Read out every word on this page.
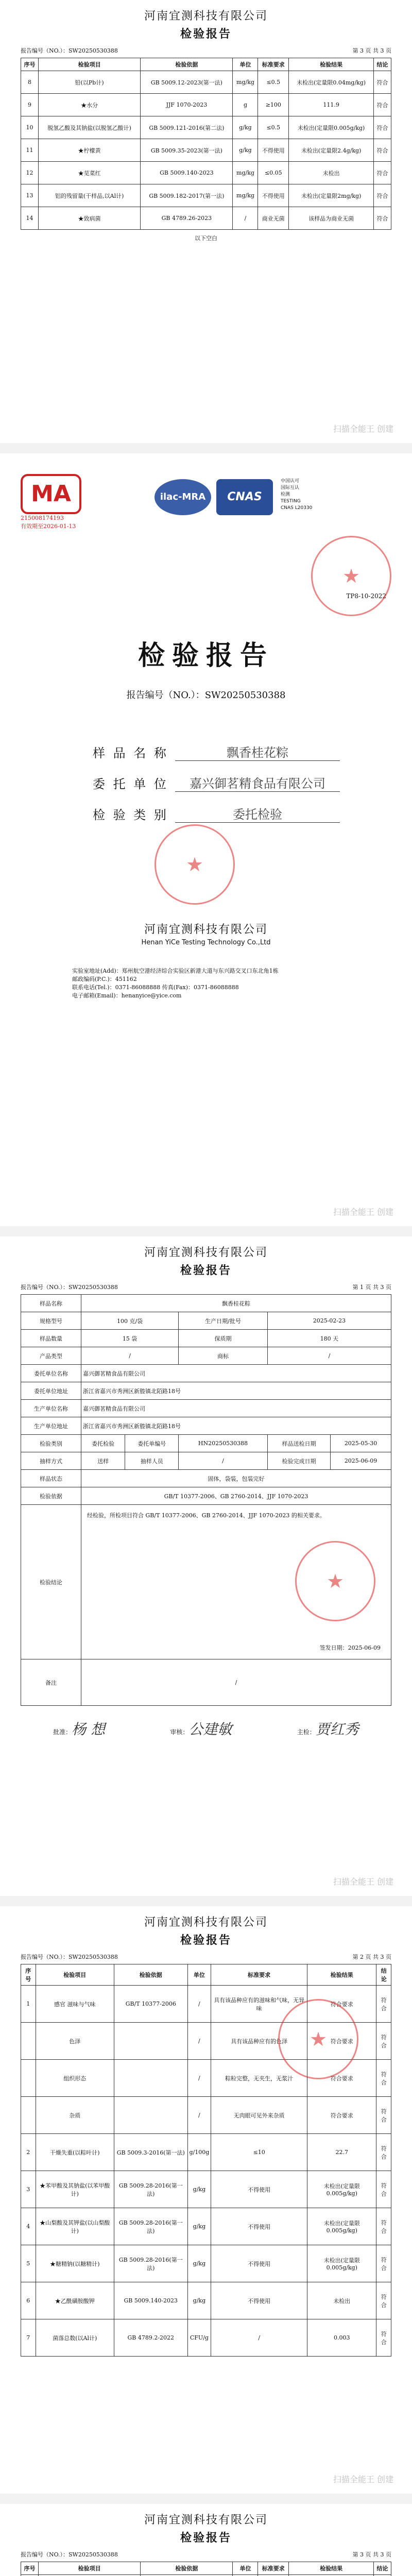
河南宜测科技有限公司
检验报告
报告编号（NO.）：SW20250530388	第 3 页 共 3 页
序号	检验项目	检验依据	单位	标准要求	检验结果	结论
8	铅(以Pb计)	GB 5009.12-2023(第一法)	mg/kg	≤0.5	未检出(定量限0.04mg/kg)	符合
9	★水分	JJF 1070-2023	g	≥100	111.9	符合
10	脱氢乙酸及其钠盐(以脱氢乙酸计)	GB 5009.121-2016(第二法)	g/kg	≤0.5	未检出(定量限0.005g/kg)	符合
11	★柠檬黄	GB 5009.35-2023(第一法)	g/kg	不得使用	未检出(定量限2.4g/kg)	符合
12	★苋菜红	GB 5009.140-2023	mg/kg	≤0.05	未检出	符合
13	铝的残留量(干样品,以Al计)	GB 5009.182-2017(第一法)	mg/kg	不得使用	未检出(定量限2mg/kg)	符合
14	★致病菌	GB 4789.26-2023	/	商业无菌	该样品为商业无菌	符合
以下空白
扫描全能王 创建
MA
215008174193
有效期至2026-01-13
ilac-MRA	CNAS
中国认可
国际互认
检测
TESTING
CNAS L20330
TP8-10-2022
★
检验报告
报告编号（NO.）：SW20250530388
样 品 名 称	飘香桂花粽
委 托 单 位	嘉兴御茗精食品有限公司
检 验 类 别	委托检验
★
河南宜测科技有限公司
Henan YiCe Testing Technology Co.,Ltd
实验室地址(Add)：郑州航空港经济综合实验区新港大道与东兴路交叉口东北角1栋
邮政编码(P.C.)：451162
联系电话(Tel.)：0371-86088888 传真(Fax)：0371-86088888
电子邮箱(Email)：henanyice@yice.com
扫描全能王 创建
河南宜测科技有限公司
检验报告
报告编号（NO.）：SW20250530388	第 1 页 共 3 页
样品名称	飘香桂花粽				
规格型号	100 克/袋		生产日期/批号	2025-02-23	
样品数量	15 袋		保质期	180 天	
产品类型	/		商标	/	
委托单位名称	嘉兴御茗精食品有限公司				
委托单位地址	浙江省嘉兴市秀洲区新塍镇北陌路18号				
生产单位名称	嘉兴御茗精食品有限公司				
生产单位地址	浙江省嘉兴市秀洲区新塍镇北陌路18号				
检验类别	委托检验	委托单编号	HN20250530388	样品送检日期	2025-05-30
抽样方式	送样	抽样人员	/	检验完成日期	2025-06-09
样品状态	固体，袋装，包装完好				
检验依据	GB/T 10377-2006、GB 2760-2014、JJF 1070-2023				
检验结论	经检验，所检项目符合 GB/T 10377-2006、GB 2760-2014、JJF 1070-2023 的相关要求。
★
签发日期：2025-06-09

备注	/				
批准：杨 想	审核：公建敏	主检：贾红秀
扫描全能王 创建
河南宜测科技有限公司
检验报告
报告编号（NO.）：SW20250530388	第 2 页 共 3 页
序号	检验项目	检验依据	单位	标准要求	检验结果	结论
1	感官 滋味与气味	GB/T 10377-2006	/	具有该品种应有的滋味和气味，无异味	符合要求	符合
	色泽		/	具有该品种应有的色泽	符合要求	符合
	组织形态		/	粽粒完整，无夹生，无浆汁	符合要求	符合
	杂质		/	无肉眼可见外来杂质	符合要求	符合
2	干燥失重(以粽叶计)	GB 5009.3-2016(第一法)	g/100g	≤10	22.7	符合
3	★苯甲酸及其钠盐(以苯甲酸计)	GB 5009.28-2016(第一法)	g/kg	不得使用	未检出(定量限0.005g/kg)	符合
4	★山梨酸及其钾盐(以山梨酸计)	GB 5009.28-2016(第一法)	g/kg	不得使用	未检出(定量限0.005g/kg)	符合
5	★糖精钠(以糖精计)	GB 5009.28-2016(第一法)	g/kg	不得使用	未检出(定量限0.005g/kg)	符合
6	★乙酰磺胺酸钾	GB 5009.140-2023	g/kg	不得使用	未检出	符合
7	菌落总数(以Al计)	GB 4789.2-2022	CFU/g	/	0.003	符合
★
扫描全能王 创建
河南宜测科技有限公司
检验报告
报告编号（NO.）：SW20250530388	第 3 页 共 3 页
序号	检验项目	检验依据	单位	标准要求	检验结果	结论
